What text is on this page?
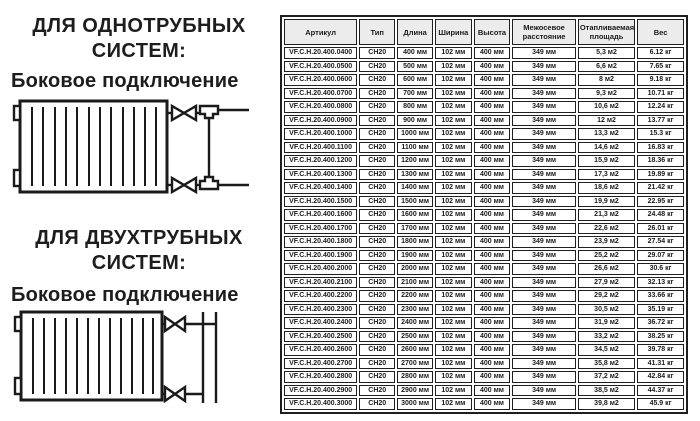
ДЛЯ ОДНОТРУБНЫХ
СИСТЕМ:
Боковое подключение
ДЛЯ ДВУХТРУБНЫХ
СИСТЕМ:
Боковое подключение
Артикул	Тип	Длина	Ширина	Высота	Межосевое расстояние	Отапливаемая площадь	Вес
VF.C.H.20.400.0400	CH20	400 мм	102 мм	400 мм	349 мм	5,3 м2	6.12 кг
VF.C.H.20.400.0500	CH20	500 мм	102 мм	400 мм	349 мм	6,6 м2	7.65 кг
VF.C.H.20.400.0600	CH20	600 мм	102 мм	400 мм	349 мм	8 м2	9.18 кг
VF.C.H.20.400.0700	CH20	700 мм	102 мм	400 мм	349 мм	9,3 м2	10.71 кг
VF.C.H.20.400.0800	CH20	800 мм	102 мм	400 мм	349 мм	10,6 м2	12.24 кг
VF.C.H.20.400.0900	CH20	900 мм	102 мм	400 мм	349 мм	12 м2	13.77 кг
VF.C.H.20.400.1000	CH20	1000 мм	102 мм	400 мм	349 мм	13,3 м2	15.3 кг
VF.C.H.20.400.1100	CH20	1100 мм	102 мм	400 мм	349 мм	14,6 м2	16.83 кг
VF.C.H.20.400.1200	CH20	1200 мм	102 мм	400 мм	349 мм	15,9 м2	18.36 кг
VF.C.H.20.400.1300	CH20	1300 мм	102 мм	400 мм	349 мм	17,3 м2	19.89 кг
VF.C.H.20.400.1400	CH20	1400 мм	102 мм	400 мм	349 мм	18,6 м2	21.42 кг
VF.C.H.20.400.1500	CH20	1500 мм	102 мм	400 мм	349 мм	19,9 м2	22.95 кг
VF.C.H.20.400.1600	CH20	1600 мм	102 мм	400 мм	349 мм	21,3 м2	24.48 кг
VF.C.H.20.400.1700	CH20	1700 мм	102 мм	400 мм	349 мм	22,6 м2	26.01 кг
VF.C.H.20.400.1800	CH20	1800 мм	102 мм	400 мм	349 мм	23,9 м2	27.54 кг
VF.C.H.20.400.1900	CH20	1900 мм	102 мм	400 мм	349 мм	25,2 м2	29.07 кг
VF.C.H.20.400.2000	CH20	2000 мм	102 мм	400 мм	349 мм	26,6 м2	30.6 кг
VF.C.H.20.400.2100	CH20	2100 мм	102 мм	400 мм	349 мм	27,9 м2	32.13 кг
VF.C.H.20.400.2200	CH20	2200 мм	102 мм	400 мм	349 мм	29,2 м2	33.66 кг
VF.C.H.20.400.2300	CH20	2300 мм	102 мм	400 мм	349 мм	30,5 м2	35.19 кг
VF.C.H.20.400.2400	CH20	2400 мм	102 мм	400 мм	349 мм	31,9 м2	36.72 кг
VF.C.H.20.400.2500	CH20	2500 мм	102 мм	400 мм	349 мм	33,2 м2	38.25 кг
VF.C.H.20.400.2600	CH20	2600 мм	102 мм	400 мм	349 мм	34,5 м2	39.78 кг
VF.C.H.20.400.2700	CH20	2700 мм	102 мм	400 мм	349 мм	35,8 м2	41.31 кг
VF.C.H.20.400.2800	CH20	2800 мм	102 мм	400 мм	349 мм	37,2 м2	42.84 кг
VF.C.H.20.400.2900	CH20	2900 мм	102 мм	400 мм	349 мм	38,5 м2	44.37 кг
VF.C.H.20.400.3000	CH20	3000 мм	102 мм	400 мм	349 мм	39,8 м2	45.9 кг
